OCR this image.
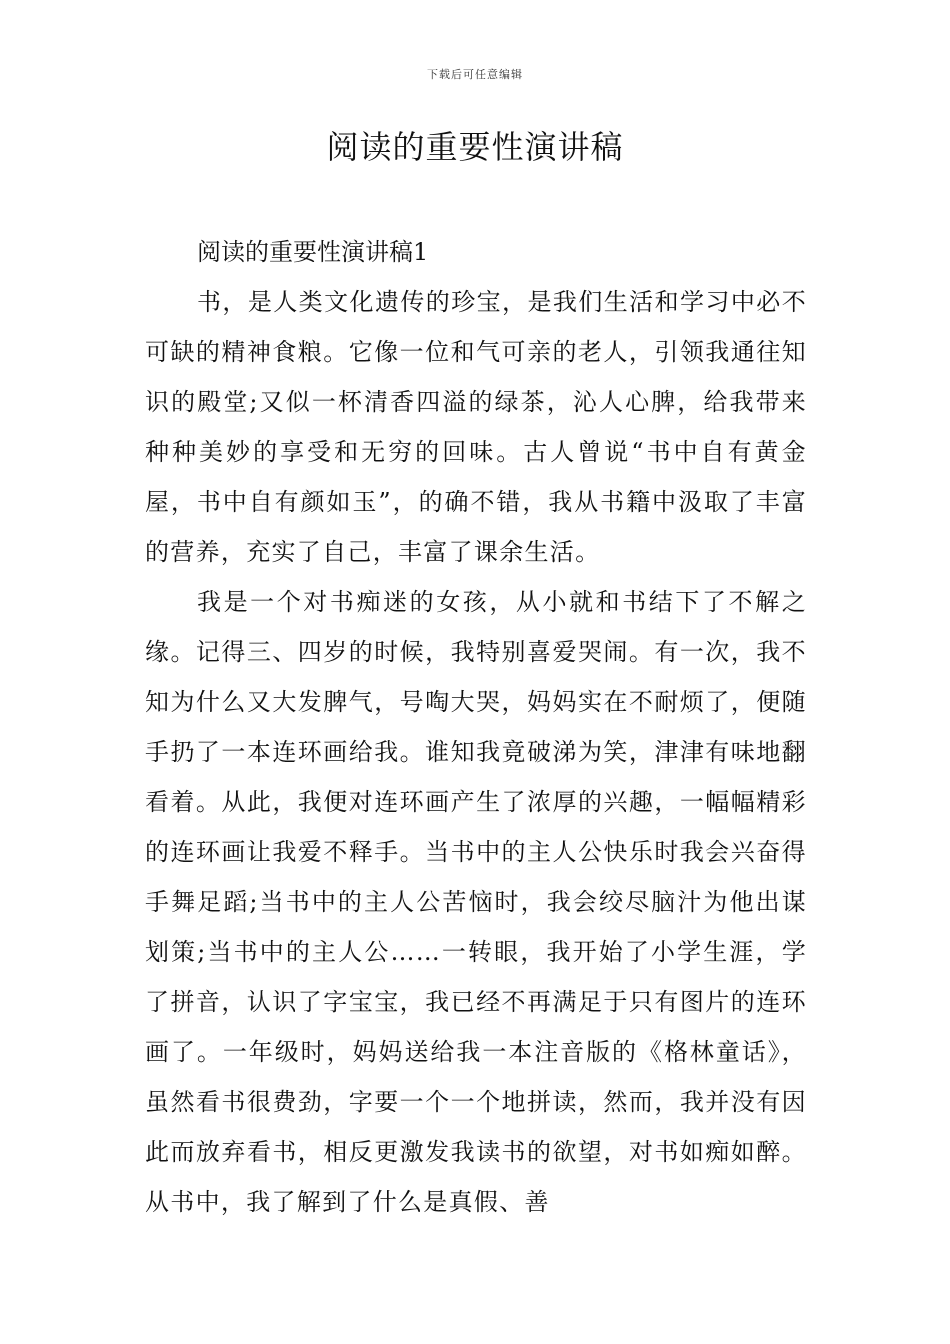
下载后可任意编辑
阅读的重要性演讲稿

阅读的重要性演讲稿1

书，是人类文化遗传的珍宝，是我们生活和学习中必不可缺的精神食粮。它像一位和气可亲的老人，引领我通往知识的殿堂;又似一杯清香四溢的绿茶，沁人心脾，给我带来种种美妙的享受和无穷的回味。古人曾说“书中自有黄金屋，书中自有颜如玉”，的确不错，我从书籍中汲取了丰富的营养，充实了自己，丰富了课余生活。

我是一个对书痴迷的女孩，从小就和书结下了不解之缘。记得三、四岁的时候，我特别喜爱哭闹。有一次，我不知为什么又大发脾气，号啕大哭，妈妈实在不耐烦了，便随手扔了一本连环画给我。谁知我竟破涕为笑，津津有味地翻看着。从此，我便对连环画产生了浓厚的兴趣，一幅幅精彩的连环画让我爱不释手。当书中的主人公快乐时我会兴奋得手舞足蹈;当书中的主人公苦恼时，我会绞尽脑汁为他出谋划策;当书中的主人公……一转眼，我开始了小学生涯，学了拼音，认识了字宝宝，我已经不再满足于只有图片的连环画了。一年级时，妈妈送给我一本注音版的《格林童话》，虽然看书很费劲，字要一个一个地拼读，然而，我并没有因此而放弃看书，相反更激发我读书的欲望，对书如痴如醉。从书中，我了解到了什么是真假、善
